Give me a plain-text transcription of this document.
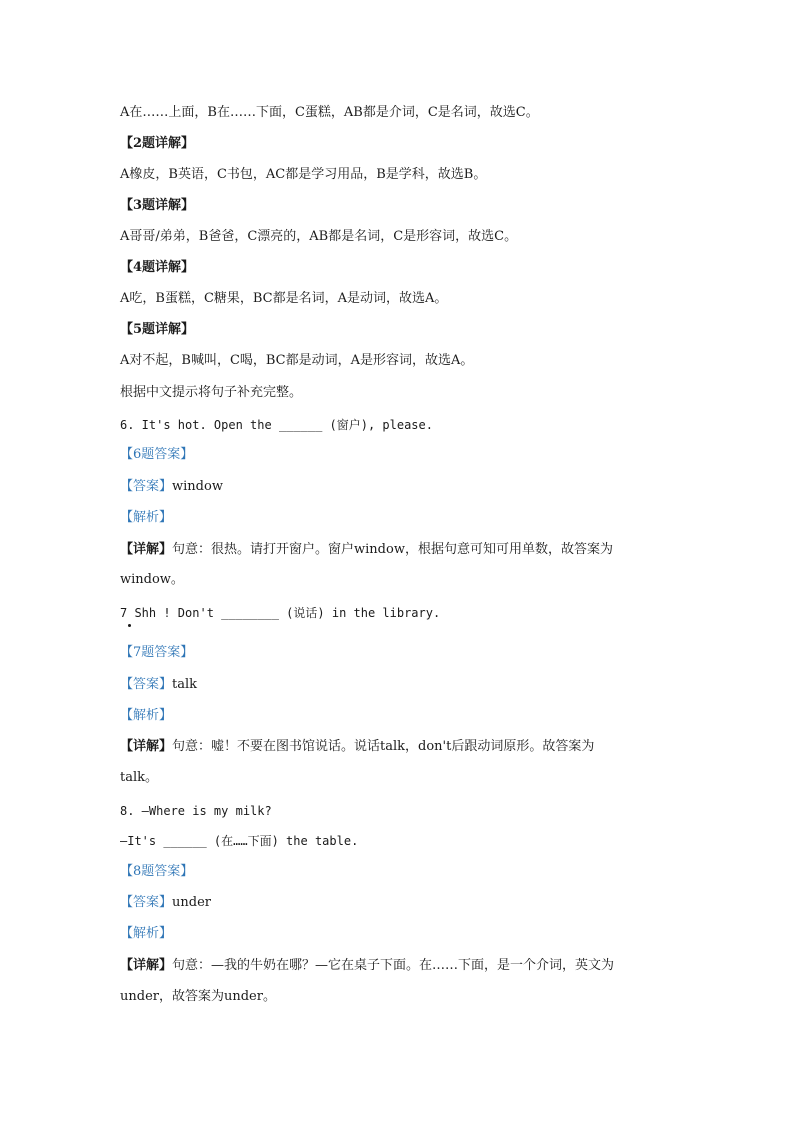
A在……上面，B在……下面，C蛋糕，AB都是介词，C是名词，故选C。
【2题详解】
A橡皮，B英语，C书包，AC都是学习用品，B是学科，故选B。
【3题详解】
A哥哥/弟弟，B爸爸，C漂亮的，AB都是名词，C是形容词，故选C。
【4题详解】
A吃，B蛋糕，C糖果，BC都是名词，A是动词，故选A。
【5题详解】
A对不起，B喊叫，C喝，BC都是动词，A是形容词，故选A。
根据中文提示将句子补充完整。
6. It's hot. Open the ______ (窗户), please.
【6题答案】
【答案】window
【解析】
【详解】句意：很热。请打开窗户。窗户window，根据句意可知可用单数，故答案为
window。
7 Shh ! Don't ________ (说话) in the library.
【7题答案】
【答案】talk
【解析】
【详解】句意：嘘！不要在图书馆说话。说话talk，don't后跟动词原形。故答案为
talk。
8. —Where is my milk?
—It's ______ (在……下面) the table.
【8题答案】
【答案】under
【解析】
【详解】句意：—我的牛奶在哪？—它在桌子下面。在……下面，是一个介词，英文为
under，故答案为under。
